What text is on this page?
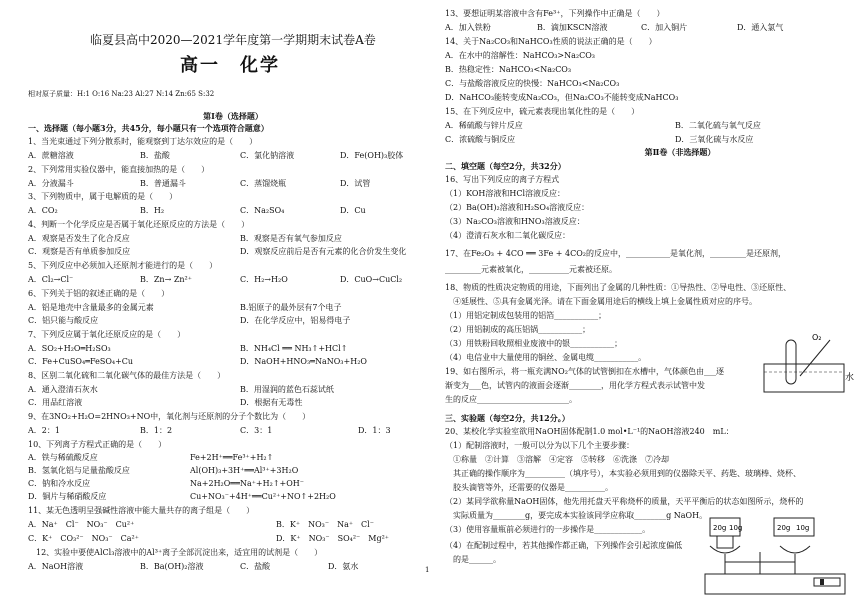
临夏县高中2020—2021学年度第一学期期末试卷A卷
高一　化学
相对原子质量：H:1 O:16 Na:23 Al:27 N:14 Zn:65 S:32
第Ⅰ卷（选择题）
一、选择题（每小题3分，共45分，每小题只有一个选项符合题意）
1、当光束通过下列分散系时，能观察到丁达尔效应的是（　　）
A．蔗糖溶液	B．盐酸	C．氯化钠溶液	D．Fe(OH)₃胶体
2、下列常用实验仪器中，能直接加热的是（　　）
A．分液漏斗	B．普通漏斗	C．蒸馏烧瓶	D．试管
3、下列物质中，属于电解质的是（　　）
A．CO₂	B．H₂	C．Na₂SO₄	D．Cu
4、判断一个化学反应是否属于氧化还原反应的方法是（　　）
A．观察是否发生了化合反应	B．观察是否有氧气参加反应
C．观察是否有单质参加反应	D．观察反应前后是否有元素的化合价发生变化
5、下列反应中必须加入还原剂才能进行的是（　　）
A．Cl₂→Cl⁻	B．Zn→ Zn²⁺	C．H₂→H₂O	D．CuO→CuCl₂
6、下列关于铝的叙述正确的是（　　）
A．铝是地壳中含量最多的金属元素	B.铝原子的最外层有7个电子
C．铝只能与酸反应	D．在化学反应中，铝易得电子
7、下列反应属于氧化还原反应的是（　　）
A．SO₂+H₂O═H₂SO₃	B．NH₄Cl ══ NH₃↑+HCl↑
C．Fe+CuSO₄═FeSO₄+Cu	D．NaOH+HNO₃═NaNO₃+H₂O
8、区别二氧化硫和二氧化碳气体的最佳方法是（　　）
A．通入澄清石灰水	B．用湿润的蓝色石蕊试纸
C．用品红溶液	D．根据有无毒性
9、在3NO₂+H₂O=2HNO₃+NO中，氧化剂与还原剂的分子个数比为（　　）
A．2：1	B．1：2	C．3：1	D．1：3
10、下列离子方程式正确的是（　　）
A．铁与稀硫酸反应	Fe+2H⁺══Fe³⁺+H₂↑
B．氢氧化铝与足量盐酸反应	Al(OH)₃+3H⁺══Al³⁺+3H₂O
C．钠和冷水反应	Na+2H₂O══Na⁺+H₂↑+OH⁻
D．铜片与稀硝酸反应	Cu+NO₃⁻+4H⁺══Cu²⁺+NO↑+2H₂O
11、某无色透明呈强碱性溶液中能大量共存的离子组是（　　）
A．Na⁺　Cl⁻　NO₃⁻　Cu²⁺	B．K⁺　NO₃⁻　Na⁺　Cl⁻
C．K⁺　CO₃²⁻　NO₃⁻　Ca²⁺	D．K⁺　NO₃⁻　SO₄²⁻　Mg²⁺
12、实验中要使AlCl₃溶液中的Al³⁺离子全部沉淀出来，适宜用的试剂是（　　）
A．NaOH溶液	B．Ba(OH)₂溶液	C．盐酸	D．氨水
13、要想证明某溶液中含有Fe³⁺，下列操作中正确是（　　）
A．加入铁粉	B．滴加KSCN溶液	C．加入铜片	D．通入氯气
14、关于Na₂CO₃和NaHCO₃性质的说法正确的是（　　）
A．在水中的溶解性：NaHCO₃>Na₂CO₃
B．热稳定性：NaHCO₃<Na₂CO₃
C．与盐酸溶液反应的快慢：NaHCO₃<Na₂CO₃
D．NaHCO₃能转变成Na₂CO₃，但Na₂CO₃不能转变成NaHCO₃
15、在下列反应中，硫元素表现出氧化性的是（　　）
A．稀硫酸与锌片反应	B．二氧化硫与氧气反应
C．浓硫酸与铜反应	D．三氧化硫与水反应
第Ⅱ卷（非选择题）
二、填空题（每空2分，共32分）
16、写出下列反应的离子方程式
（1）KOH溶液和HCl溶液反应：
（2）Ba(OH)₂溶液和H₂SO₄溶液反应：
（3）Na₂CO₃溶液和HNO₃溶液反应：
（4）澄清石灰水和二氧化碳反应：
17、在Fe₂O₃ + 4CO ══ 3Fe + 4CO₂的反应中，___________是氧化剂，_________是还原剂，
_________元素被氧化，__________元素被还原。
18、物质的性质决定物质的用途，下面列出了金属的几种性质：①导热性、②导电性、③还原性、
④延展性、⑤具有金属光泽。请在下面金属用途后的横线上填上金属性质对应的序号。
（1）用铝定制成包装用的铝箔___________；
（2）用铝制成的高压铝锅___________；
（3）用铁粉回收照相业废液中的银___________；
（4）电信业中大量使用的铜丝、金属电缆___________。
19、如右图所示，将一瓶充满NO₂气体的试管倒扣在水槽中，气体颜色由___逐
渐变为___色，试管内的液面会逐渐________，用化学方程式表示试管中发
生的反应_______________________。
三、实验题（每空2分，共12分。）
20、某校化学实验室欲用NaOH固体配制1.0 mol•L⁻¹的NaOH溶液240　mL：
（1）配制溶液时，一般可以分为以下几个主要步骤：
①称量　②计算　③溶解　④定容　⑤转移　⑥洗涤　⑦冷却
其正确的操作顺序为__________（填序号），本实验必须用到的仪器除天平、药匙、玻璃棒、烧杯、
胶头滴管等外，还需要的仪器是__________。
（2）某同学欲称量NaOH固体，他先用托盘天平称烧杯的质量，天平平衡后的状态如图所示，烧杯的
实际质量为________g，要完成本实验该同学应称取________g NaOH。
（3）使用容量瓶前必须进行的一步操作是____________。
（4）在配制过程中，若其他操作都正确，下列操作会引起浓度偏低
的是______。
O₂
水
20g 10g	20g 10g
1
